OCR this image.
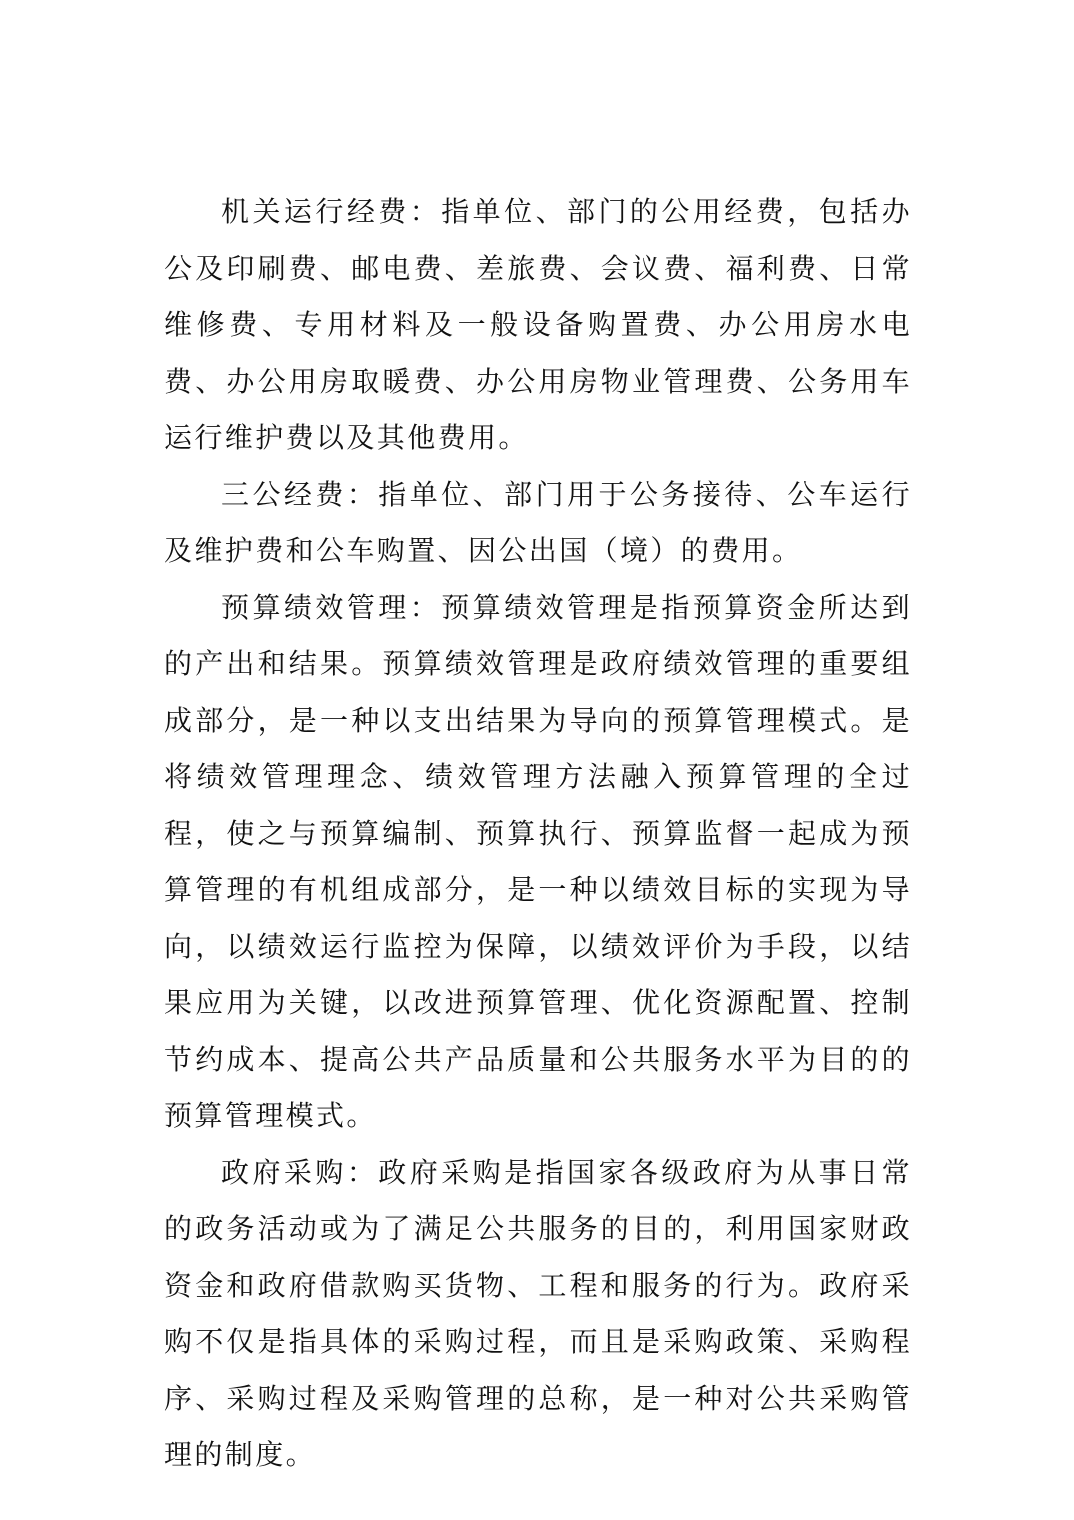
机关运行经费：指单位、部门的公用经费，包括办公及印刷费、邮电费、差旅费、会议费、福利费、日常维修费、专用材料及一般设备购置费、办公用房水电费、办公用房取暖费、办公用房物业管理费、公务用车运行维护费以及其他费用。

三公经费：指单位、部门用于公务接待、公车运行及维护费和公车购置、因公出国（境）的费用。

预算绩效管理：预算绩效管理是指预算资金所达到的产出和结果。预算绩效管理是政府绩效管理的重要组成部分，是一种以支出结果为导向的预算管理模式。是将绩效管理理念、绩效管理方法融入预算管理的全过程，使之与预算编制、预算执行、预算监督一起成为预算管理的有机组成部分，是一种以绩效目标的实现为导向，以绩效运行监控为保障，以绩效评价为手段，以结果应用为关键，以改进预算管理、优化资源配置、控制节约成本、提高公共产品质量和公共服务水平为目的的预算管理模式。

政府采购：政府采购是指国家各级政府为从事日常的政务活动或为了满足公共服务的目的，利用国家财政资金和政府借款购买货物、工程和服务的行为。政府采购不仅是指具体的采购过程，而且是采购政策、采购程序、采购过程及采购管理的总称，是一种对公共采购管理的制度。
